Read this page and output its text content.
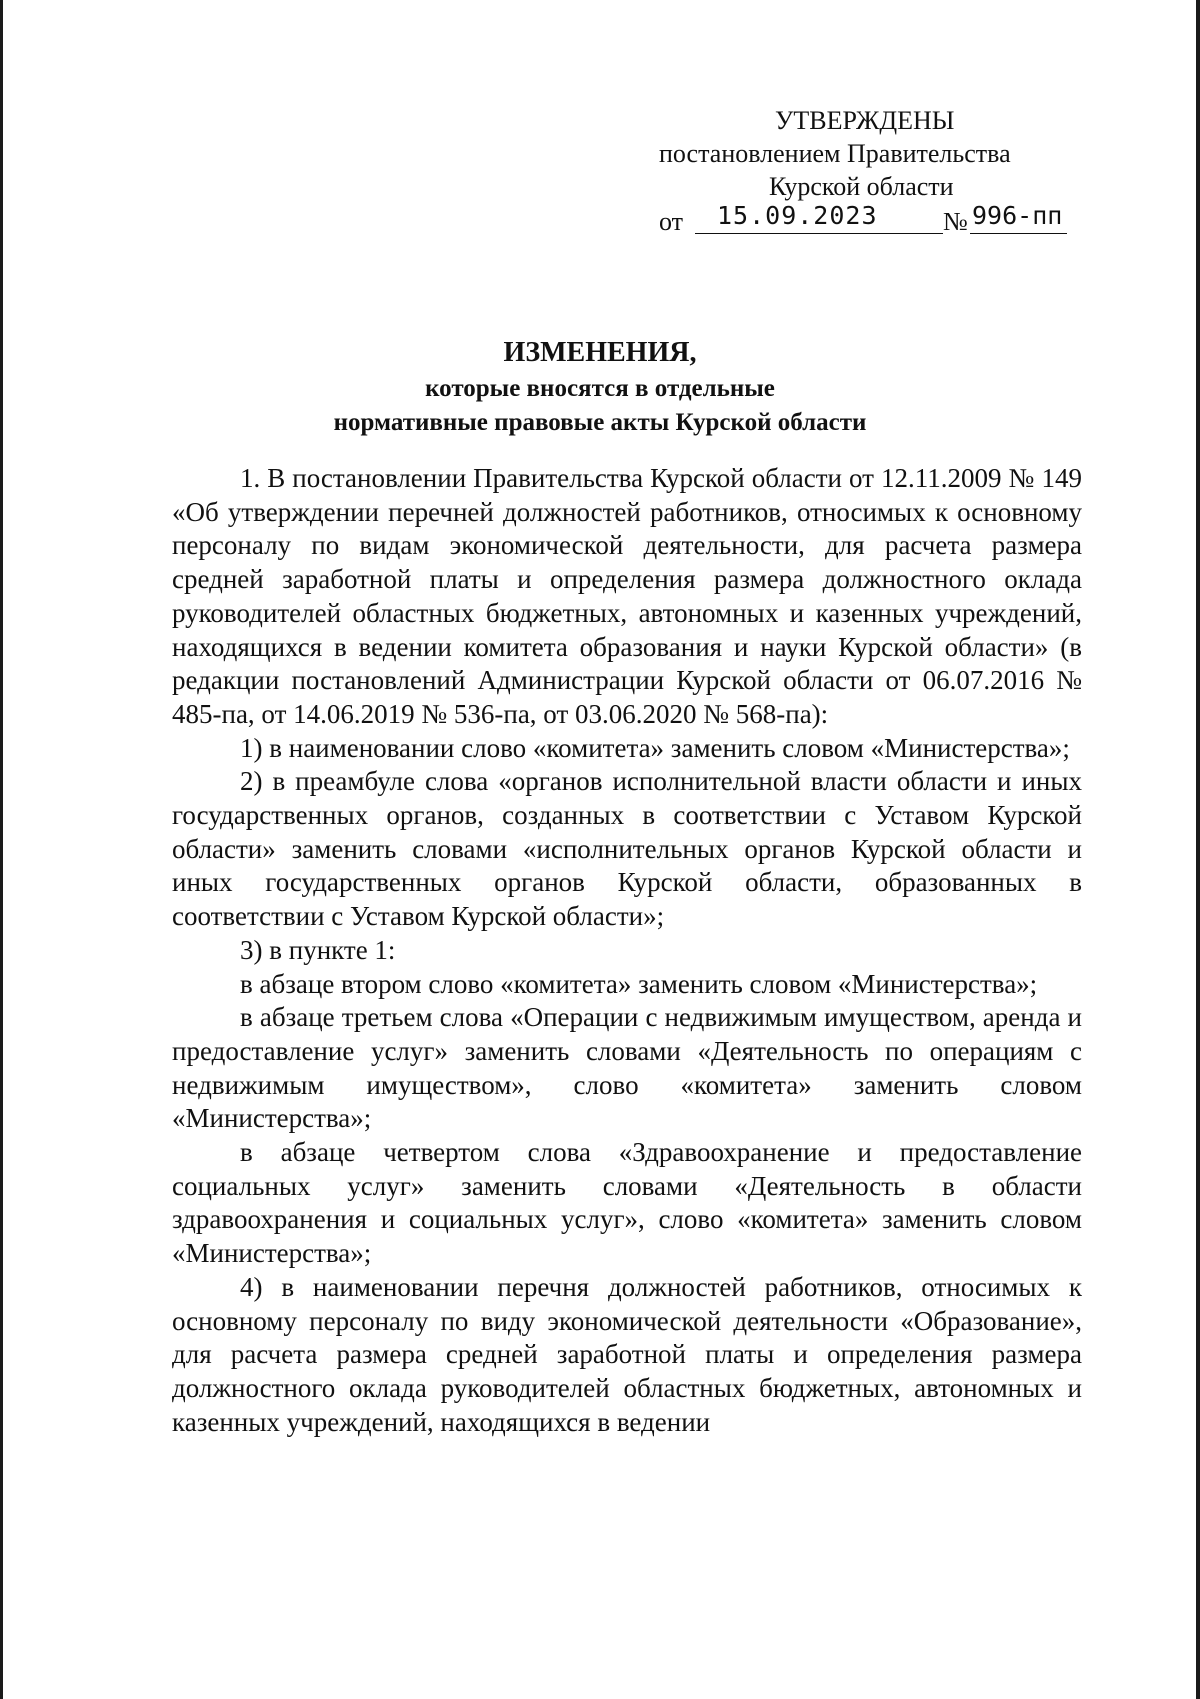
УТВЕРЖДЕНЫ
постановлением Правительства
Курской области
от 15.09.2023	№ 996-пп
ИЗМЕНЕНИЯ,
которые вносятся в отдельные
нормативные правовые акты Курской области

1. В постановлении Правительства Курской области от 12.11.2009 № 149 «Об утверждении перечней должностей работников, относимых к основному персоналу по видам экономической деятельности, для расчета размера средней заработной платы и определения размера должностного оклада руководителей областных бюджетных, автономных и казенных учреждений, находящихся в ведении комитета образования и науки Курской области» (в редакции постановлений Администрации Курской области от 06.07.2016 № 485-па, от 14.06.2019 № 536-па, от 03.06.2020 № 568-па):

1) в наименовании слово «комитета» заменить словом «Министерства»;

2) в преамбуле слова «органов исполнительной власти области и иных государственных органов, созданных в соответствии с Уставом Курской области» заменить словами «исполнительных органов Курской области и иных государственных органов Курской области, образованных в соответствии с Уставом Курской области»;

3) в пункте 1:

в абзаце втором слово «комитета» заменить словом «Министерства»;

в абзаце третьем слова «Операции с недвижимым имуществом, аренда и предоставление услуг» заменить словами «Деятельность по операциям с недвижимым имуществом», слово «комитета» заменить словом «Министерства»;

в абзаце четвертом слова «Здравоохранение и предоставление социальных услуг» заменить словами «Деятельность в области здравоохранения и социальных услуг», слово «комитета» заменить словом «Министерства»;

4) в наименовании перечня должностей работников, относимых к основному персоналу по виду экономической деятельности «Образование», для расчета размера средней заработной платы и определения размера должностного оклада руководителей областных бюджетных, автономных и казенных учреждений, находящихся в ведении
